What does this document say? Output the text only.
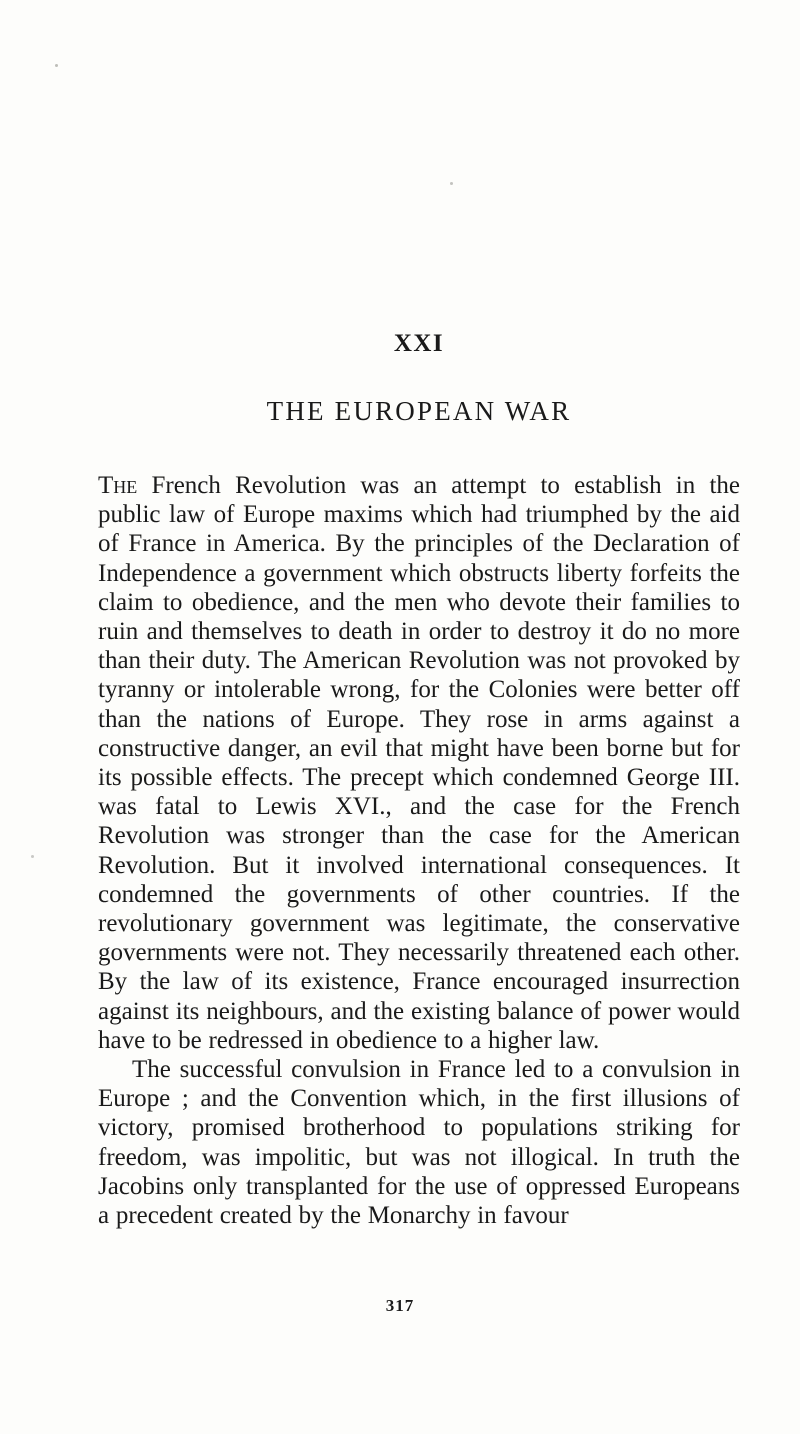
XXI
THE EUROPEAN WAR

The French Revolution was an attempt to establish in the public law of Europe maxims which had triumphed by the aid of France in America. By the principles of the Declaration of Independence a government which obstructs liberty forfeits the claim to obedience, and the men who devote their families to ruin and themselves to death in order to destroy it do no more than their duty. The American Revolution was not provoked by tyranny or intolerable wrong, for the Colonies were better off than the nations of Europe. They rose in arms against a constructive danger, an evil that might have been borne but for its possible effects. The precept which condemned George III. was fatal to Lewis XVI., and the case for the French Revolution was stronger than the case for the American Revolution. But it involved international consequences. It condemned the governments of other countries. If the revolutionary government was legitimate, the conservative governments were not. They necessarily threatened each other. By the law of its existence, France encouraged insurrection against its neighbours, and the existing balance of power would have to be redressed in obedience to a higher law.

The successful convulsion in France led to a convulsion in Europe ; and the Convention which, in the first illusions of victory, promised brotherhood to populations striking for freedom, was impolitic, but was not illogical. In truth the Jacobins only transplanted for the use of oppressed Europeans a precedent created by the Monarchy in favour

317
